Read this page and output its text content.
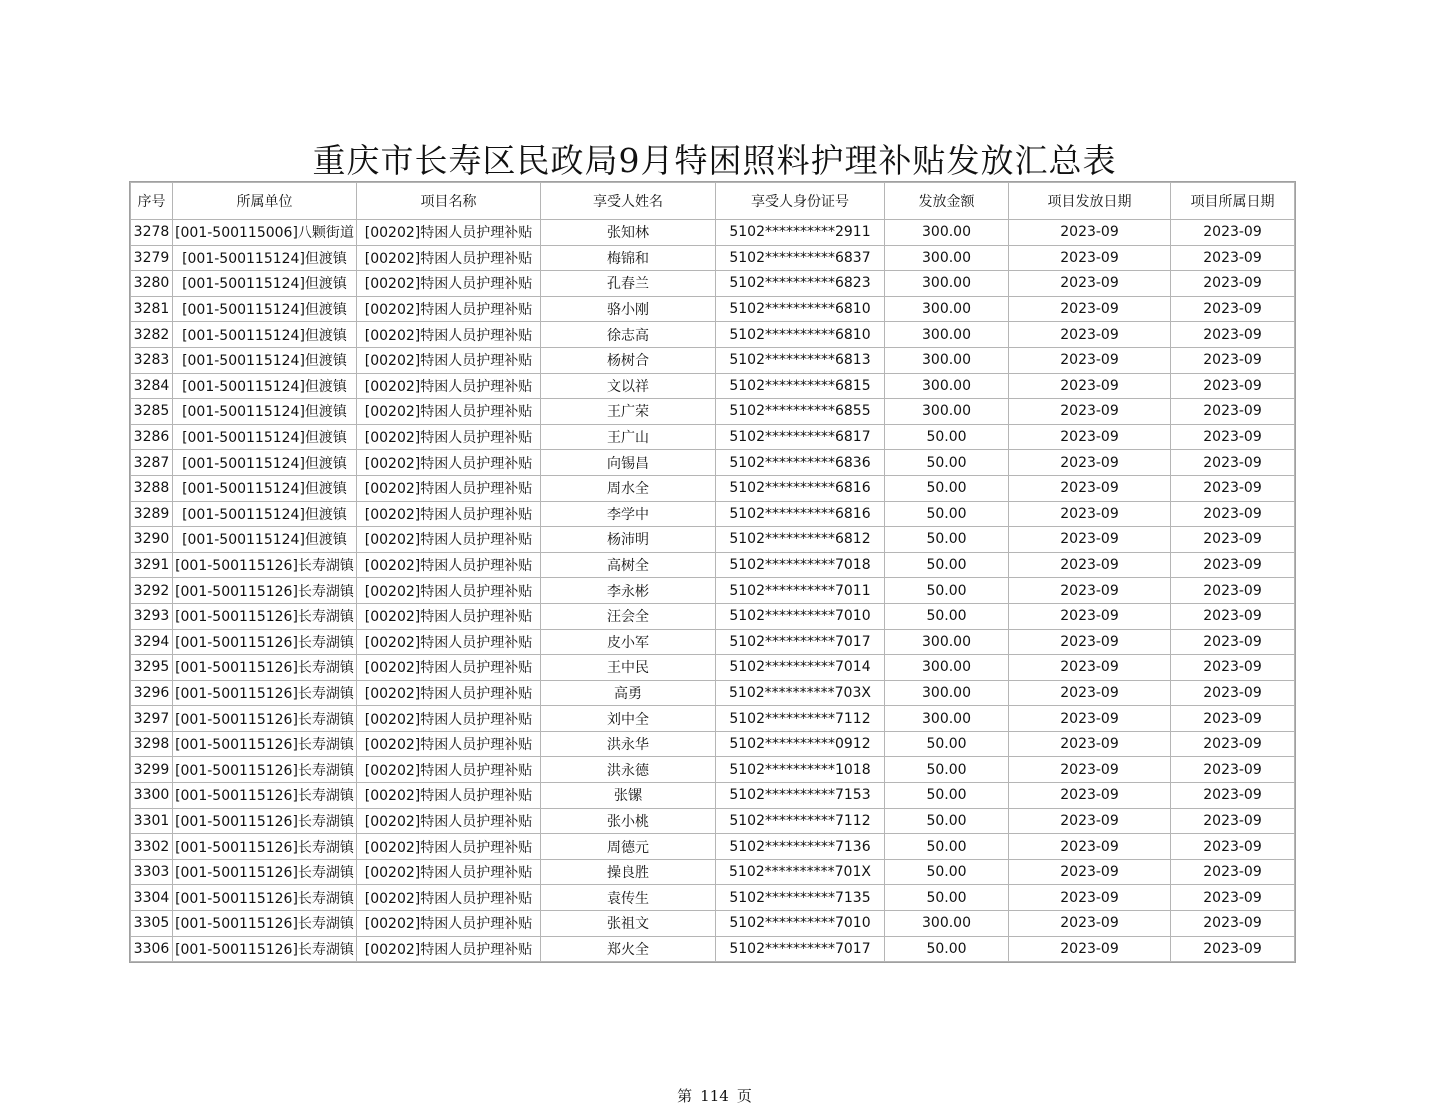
重庆市长寿区民政局9月特困照料护理补贴发放汇总表
序号	所属单位	项目名称	享受人姓名	享受人身份证号	发放金额	项目发放日期	项目所属日期
3278	[001-500115006]八颗街道	[00202]特困人员护理补贴	张知林	5102**********2911	300.00	2023-09	2023-09
3279	[001-500115124]但渡镇	[00202]特困人员护理补贴	梅锦和	5102**********6837	300.00	2023-09	2023-09
3280	[001-500115124]但渡镇	[00202]特困人员护理补贴	孔春兰	5102**********6823	300.00	2023-09	2023-09
3281	[001-500115124]但渡镇	[00202]特困人员护理补贴	骆小刚	5102**********6810	300.00	2023-09	2023-09
3282	[001-500115124]但渡镇	[00202]特困人员护理补贴	徐志高	5102**********6810	300.00	2023-09	2023-09
3283	[001-500115124]但渡镇	[00202]特困人员护理补贴	杨树合	5102**********6813	300.00	2023-09	2023-09
3284	[001-500115124]但渡镇	[00202]特困人员护理补贴	文以祥	5102**********6815	300.00	2023-09	2023-09
3285	[001-500115124]但渡镇	[00202]特困人员护理补贴	王广荣	5102**********6855	300.00	2023-09	2023-09
3286	[001-500115124]但渡镇	[00202]特困人员护理补贴	王广山	5102**********6817	50.00	2023-09	2023-09
3287	[001-500115124]但渡镇	[00202]特困人员护理补贴	向锡昌	5102**********6836	50.00	2023-09	2023-09
3288	[001-500115124]但渡镇	[00202]特困人员护理补贴	周水全	5102**********6816	50.00	2023-09	2023-09
3289	[001-500115124]但渡镇	[00202]特困人员护理补贴	李学中	5102**********6816	50.00	2023-09	2023-09
3290	[001-500115124]但渡镇	[00202]特困人员护理补贴	杨沛明	5102**********6812	50.00	2023-09	2023-09
3291	[001-500115126]长寿湖镇	[00202]特困人员护理补贴	高树全	5102**********7018	50.00	2023-09	2023-09
3292	[001-500115126]长寿湖镇	[00202]特困人员护理补贴	李永彬	5102**********7011	50.00	2023-09	2023-09
3293	[001-500115126]长寿湖镇	[00202]特困人员护理补贴	汪会全	5102**********7010	50.00	2023-09	2023-09
3294	[001-500115126]长寿湖镇	[00202]特困人员护理补贴	皮小军	5102**********7017	300.00	2023-09	2023-09
3295	[001-500115126]长寿湖镇	[00202]特困人员护理补贴	王中民	5102**********7014	300.00	2023-09	2023-09
3296	[001-500115126]长寿湖镇	[00202]特困人员护理补贴	高勇	5102**********703X	300.00	2023-09	2023-09
3297	[001-500115126]长寿湖镇	[00202]特困人员护理补贴	刘中全	5102**********7112	300.00	2023-09	2023-09
3298	[001-500115126]长寿湖镇	[00202]特困人员护理补贴	洪永华	5102**********0912	50.00	2023-09	2023-09
3299	[001-500115126]长寿湖镇	[00202]特困人员护理补贴	洪永德	5102**********1018	50.00	2023-09	2023-09
3300	[001-500115126]长寿湖镇	[00202]特困人员护理补贴	张镙	5102**********7153	50.00	2023-09	2023-09
3301	[001-500115126]长寿湖镇	[00202]特困人员护理补贴	张小桃	5102**********7112	50.00	2023-09	2023-09
3302	[001-500115126]长寿湖镇	[00202]特困人员护理补贴	周德元	5102**********7136	50.00	2023-09	2023-09
3303	[001-500115126]长寿湖镇	[00202]特困人员护理补贴	操良胜	5102**********701X	50.00	2023-09	2023-09
3304	[001-500115126]长寿湖镇	[00202]特困人员护理补贴	袁传生	5102**********7135	50.00	2023-09	2023-09
3305	[001-500115126]长寿湖镇	[00202]特困人员护理补贴	张祖文	5102**********7010	300.00	2023-09	2023-09
3306	[001-500115126]长寿湖镇	[00202]特困人员护理补贴	郑火全	5102**********7017	50.00	2023-09	2023-09
第 114 页
